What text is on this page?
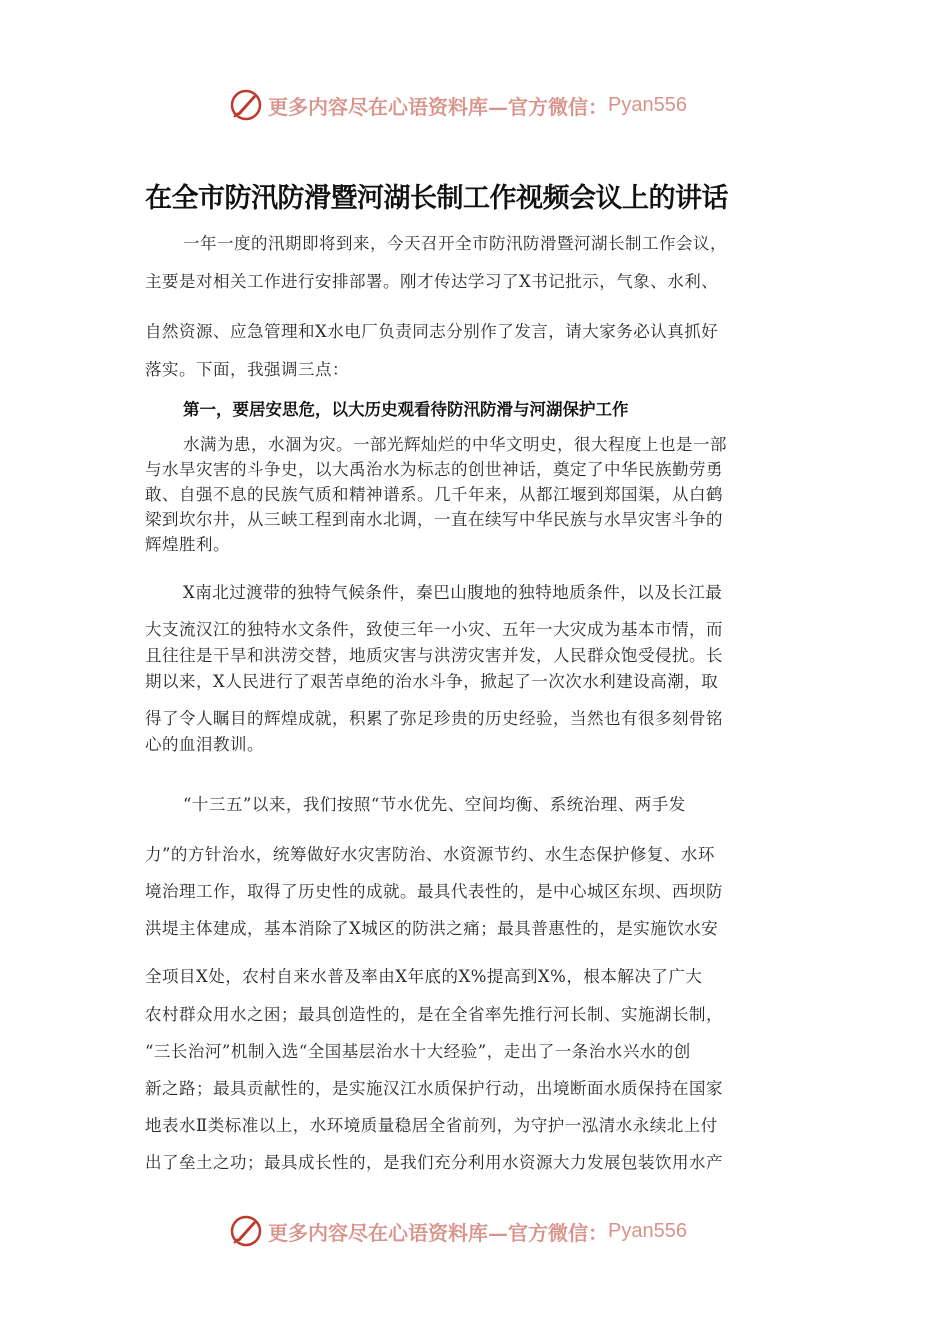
更多内容尽在心语资料库—官方微信： Pyan556
在全市防汛防滑暨河湖长制工作视频会议上的讲话
一年一度的汛期即将到来，今天召开全市防汛防滑暨河湖长制工作会议，
主要是对相关工作进行安排部署。刚才传达学习了X书记批示，气象、水利、
自然资源、应急管理和X水电厂负责同志分别作了发言，请大家务必认真抓好
落实。下面，我强调三点：
第一，要居安思危，以大历史观看待防汛防滑与河湖保护工作
水满为患，水涸为灾。一部光辉灿烂的中华文明史，很大程度上也是一部
与水旱灾害的斗争史，以大禹治水为标志的创世神话，奠定了中华民族勤劳勇
敢、自强不息的民族气质和精神谱系。几千年来，从都江堰到郑国渠，从白鹤
梁到坎尔井，从三峡工程到南水北调，一直在续写中华民族与水旱灾害斗争的
辉煌胜利。
X南北过渡带的独特气候条件，秦巴山腹地的独特地质条件，以及长江最
大支流汉江的独特水文条件，致使三年一小灾、五年一大灾成为基本市情，而
且往往是干旱和洪涝交替，地质灾害与洪涝灾害并发，人民群众饱受侵扰。长
期以来，X人民进行了艰苦卓绝的治水斗争，掀起了一次次水利建设高潮，取
得了令人瞩目的辉煌成就，积累了弥足珍贵的历史经验，当然也有很多刻骨铭
心的血泪教训。
“十三五”以来，我们按照“节水优先、空间均衡、系统治理、两手发
力”的方针治水，统筹做好水灾害防治、水资源节约、水生态保护修复、水环
境治理工作，取得了历史性的成就。最具代表性的，是中心城区东坝、西坝防
洪堤主体建成，基本消除了X城区的防洪之痛；最具普惠性的，是实施饮水安
全项目X处，农村自来水普及率由X年底的X%提高到X%，根本解决了广大
农村群众用水之困；最具创造性的，是在全省率先推行河长制、实施湖长制，
“三长治河”机制入选“全国基层治水十大经验”，走出了一条治水兴水的创
新之路；最具贡献性的，是实施汉江水质保护行动，出境断面水质保持在国家
地表水Ⅱ类标准以上，水环境质量稳居全省前列，为守护一泓清水永续北上付
出了垒土之功；最具成长性的，是我们充分利用水资源大力发展包装饮用水产
更多内容尽在心语资料库—官方微信： Pyan556
